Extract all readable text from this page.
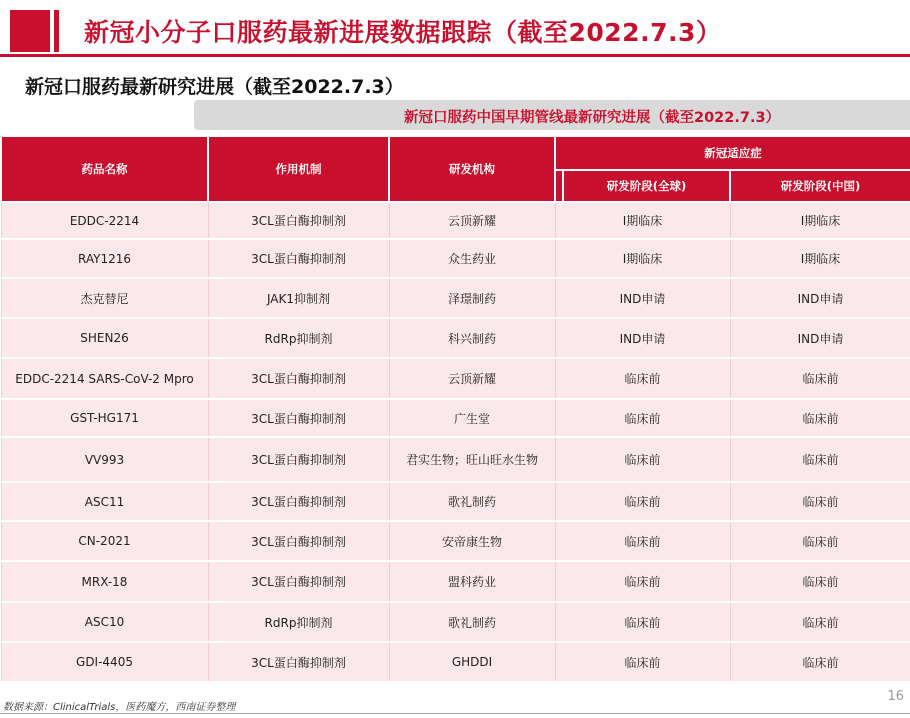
新冠小分子口服药最新进展数据跟踪（截至2022.7.3）
新冠口服药最新研究进展（截至2022.7.3）
新冠口服药中国早期管线最新研究进展（截至2022.7.3）
药品名称	作用机制	研发机构	新冠适应症		
				研发阶段(全球)	研发阶段(中国)
EDDC-2214	3CL蛋白酶抑制剂	云顶新耀	I期临床		I期临床
RAY1216	3CL蛋白酶抑制剂	众生药业	I期临床		I期临床
杰克替尼	JAK1抑制剂	泽璟制药	IND申请		IND申请
SHEN26	RdRp抑制剂	科兴制药	IND申请		IND申请
EDDC-2214 SARS-CoV-2 Mpro	3CL蛋白酶抑制剂	云顶新耀	临床前		临床前
GST-HG171	3CL蛋白酶抑制剂	广生堂	临床前		临床前
VV993	3CL蛋白酶抑制剂	君实生物；旺山旺水生物	临床前		临床前
ASC11	3CL蛋白酶抑制剂	歌礼制药	临床前		临床前
CN-2021	3CL蛋白酶抑制剂	安帝康生物	临床前		临床前
MRX-18	3CL蛋白酶抑制剂	盟科药业	临床前		临床前
ASC10	RdRp抑制剂	歌礼制药	临床前		临床前
GDI-4405	3CL蛋白酶抑制剂	GHDDI	临床前		临床前
数据来源：ClinicalTrials，医药魔方，西南证券整理
16
